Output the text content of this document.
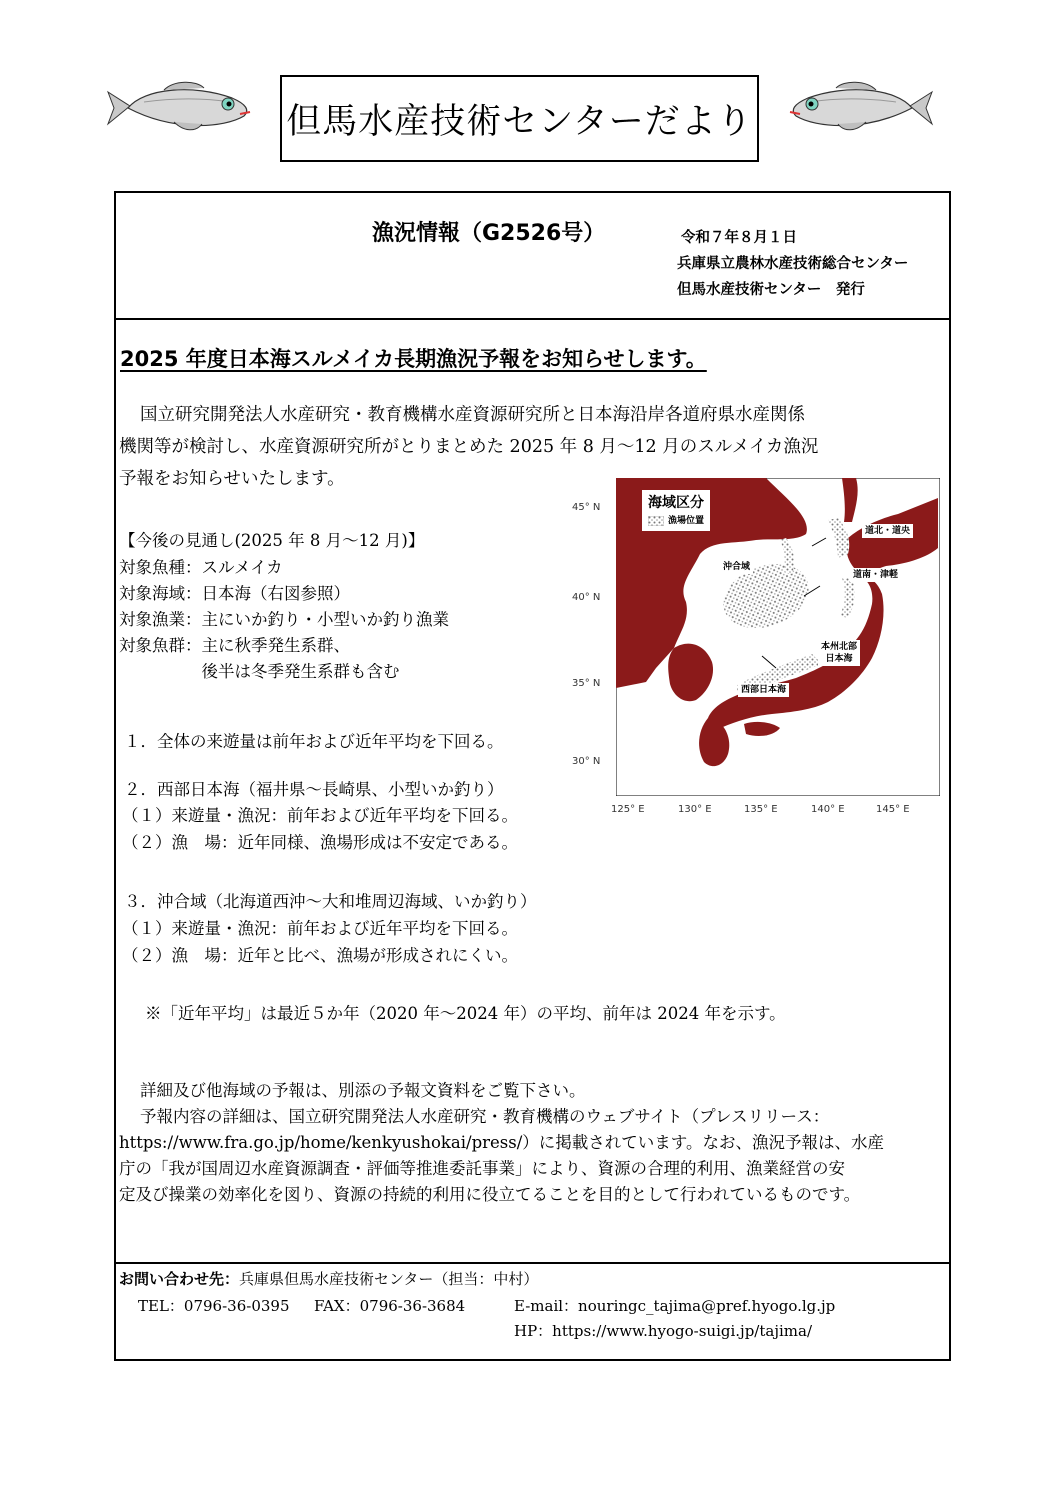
但馬水産技術センターだより
漁況情報（G2526号）	令和７年８月１日
兵庫県立農林水産技術総合センター
但馬水産技術センター　発行
2025 年度日本海スルメイカ長期漁況予報をお知らせします。
国立研究開発法人水産研究・教育機構水産資源研究所と日本海沿岸各道府県水産関係
機関等が検討し、水産資源研究所がとりまとめた 2025 年 8 月～12 月のスルメイカ漁況
予報をお知らせいたします。
【今後の見通し(2025 年 8 月～12 月)】
対象魚種：スルメイカ
対象海域：日本海（右図参照）
対象漁業：主にいか釣り・小型いか釣り漁業
対象魚群：主に秋季発生系群、
　　　　　後半は冬季発生系群も含む
45° N
40° N
35° N
30° N
125° E	130° E	135° E	140° E	145° E
海域区分
漁場位置
沖合域
道北・道央
道南・津軽
本州北部
日本海
西部日本海
１．全体の来遊量は前年および近年平均を下回る。
２．西部日本海（福井県～長崎県、小型いか釣り）
（１）来遊量・漁況：前年および近年平均を下回る。
（２）漁　場：近年同様、漁場形成は不安定である。
３．沖合域（北海道西沖～大和堆周辺海域、いか釣り）
（１）来遊量・漁況：前年および近年平均を下回る。
（２）漁　場：近年と比べ、漁場が形成されにくい。
※「近年平均」は最近５か年（2020 年～2024 年）の平均、前年は 2024 年を示す。
詳細及び他海域の予報は、別添の予報文資料をご覧下さい。
予報内容の詳細は、国立研究開発法人水産研究・教育機構のウェブサイト（プレスリリース：
https://www.fra.go.jp/home/kenkyushokai/press/）に掲載されています。なお、漁況予報は、水産
庁の「我が国周辺水産資源調査・評価等推進委託事業」により、資源の合理的利用、漁業経営の安
定及び操業の効率化を図り、資源の持続的利用に役立てることを目的として行われているものです。
お問い合わせ先：兵庫県但馬水産技術センター（担当：中村）
TEL：0796-36-0395 FAX：0796-36-3684	E-mail：nouringc_tajima@pref.hyogo.lg.jp
HP：https://www.hyogo-suigi.jp/tajima/
